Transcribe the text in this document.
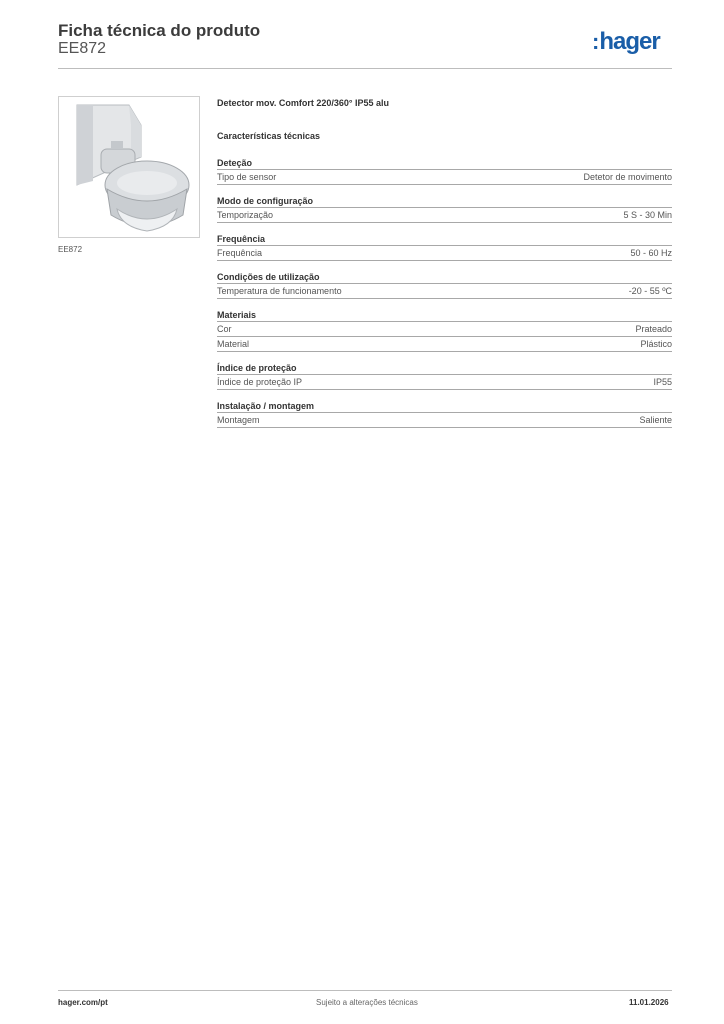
Ficha técnica do produto
EE872	:hager
EE872
Detector mov. Comfort 220/360° IP55 alu
Características técnicas
Deteção
Tipo de sensor	Detetor de movimento
Modo de configuração
Temporização	5 S - 30 Min
Frequência
Frequência	50 - 60 Hz
Condições de utilização
Temperatura de funcionamento	-20 - 55 ºC
Materiais
Cor	Prateado
Material	Plástico
Índice de proteção
Índice de proteção IP	IP55
Instalação / montagem
Montagem	Saliente
hager.com/pt	Sujeito a alterações técnicas	11.01.2026
